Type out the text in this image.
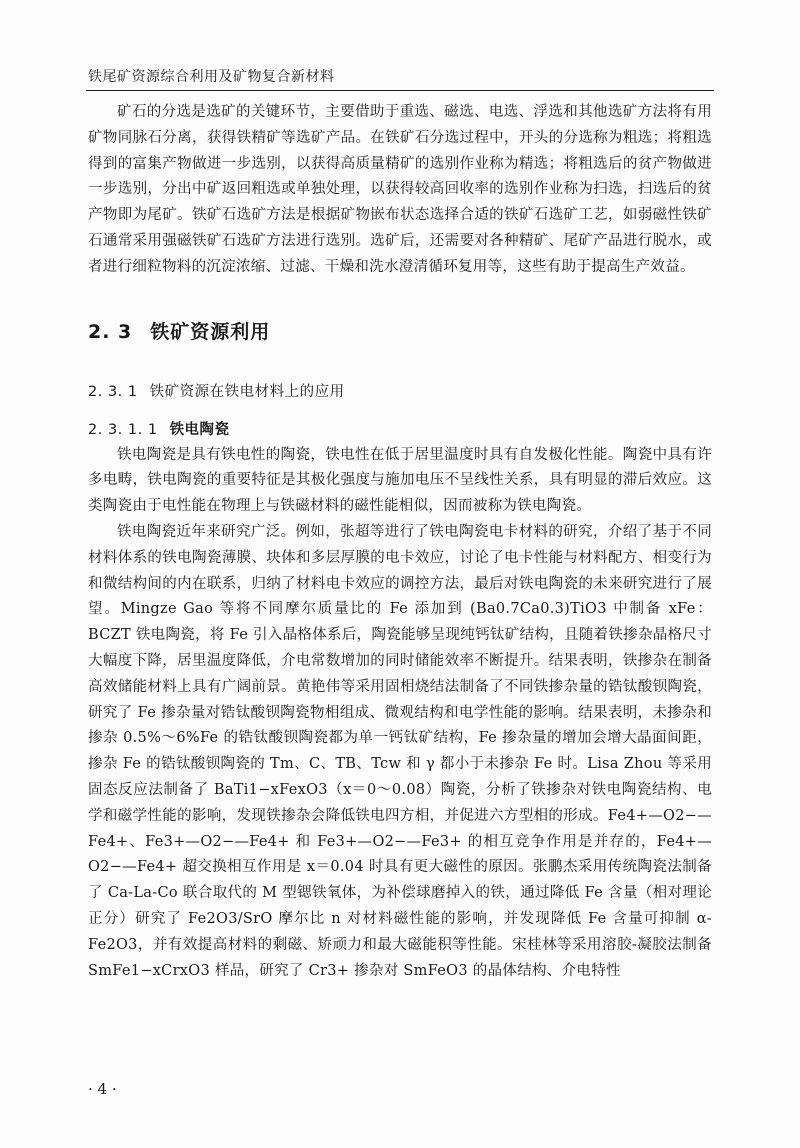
铁尾矿资源综合利用及矿物复合新材料

矿石的分选是选矿的关键环节，主要借助于重选、磁选、电选、浮选和其他选矿方法将有用矿物同脉石分离，获得铁精矿等选矿产品。在铁矿石分选过程中，开头的分选称为粗选；将粗选得到的富集产物做进一步选别，以获得高质量精矿的选别作业称为精选；将粗选后的贫产物做进一步选别，分出中矿返回粗选或单独处理，以获得较高回收率的选别作业称为扫选，扫选后的贫产物即为尾矿。铁矿石选矿方法是根据矿物嵌布状态选择合适的铁矿石选矿工艺，如弱磁性铁矿石通常采用强磁铁矿石选矿方法进行选别。选矿后，还需要对各种精矿、尾矿产品进行脱水，或者进行细粒物料的沉淀浓缩、过滤、干燥和洗水澄清循环复用等，这些有助于提高生产效益。

2. 3 铁矿资源利用
2. 3. 1 铁矿资源在铁电材料上的应用
2. 3. 1. 1 铁电陶瓷

铁电陶瓷是具有铁电性的陶瓷，铁电性在低于居里温度时具有自发极化性能。陶瓷中具有许多电畴，铁电陶瓷的重要特征是其极化强度与施加电压不呈线性关系，具有明显的滞后效应。这类陶瓷由于电性能在物理上与铁磁材料的磁性能相似，因而被称为铁电陶瓷。

铁电陶瓷近年来研究广泛。例如，张超等进行了铁电陶瓷电卡材料的研究，介绍了基于不同材料体系的铁电陶瓷薄膜、块体和多层厚膜的电卡效应，讨论了电卡性能与材料配方、相变行为和微结构间的内在联系，归纳了材料电卡效应的调控方法，最后对铁电陶瓷的未来研究进行了展望。Mingze Gao 等将不同摩尔质量比的 Fe 添加到 (Ba0.7Ca0.3)TiO3 中制备 xFe：BCZT 铁电陶瓷，将 Fe 引入晶格体系后，陶瓷能够呈现纯钙钛矿结构，且随着铁掺杂晶格尺寸大幅度下降，居里温度降低，介电常数增加的同时储能效率不断提升。结果表明，铁掺杂在制备高效储能材料上具有广阔前景。黄艳伟等采用固相烧结法制备了不同铁掺杂量的锆钛酸钡陶瓷，研究了 Fe 掺杂量对锆钛酸钡陶瓷物相组成、微观结构和电学性能的影响。结果表明，未掺杂和掺杂 0.5%～6%Fe 的锆钛酸钡陶瓷都为单一钙钛矿结构，Fe 掺杂量的增加会增大晶面间距，掺杂 Fe 的锆钛酸钡陶瓷的 Tm、C、TB、Tcw 和 γ 都小于未掺杂 Fe 时。Lisa Zhou 等采用固态反应法制备了 BaTi1−xFexO3（x＝0～0.08）陶瓷，分析了铁掺杂对铁电陶瓷结构、电学和磁学性能的影响，发现铁掺杂会降低铁电四方相，并促进六方型相的形成。Fe4+—O2−—Fe4+、Fe3+—O2−—Fe4+ 和 Fe3+—O2−—Fe3+ 的相互竞争作用是并存的，Fe4+—O2−—Fe4+ 超交换相互作用是 x＝0.04 时具有更大磁性的原因。张鹏杰采用传统陶瓷法制备了 Ca-La-Co 联合取代的 M 型锶铁氧体，为补偿球磨掉入的铁，通过降低 Fe 含量（相对理论正分）研究了 Fe2O3/SrO 摩尔比 n 对材料磁性能的影响，并发现降低 Fe 含量可抑制 α-Fe2O3，并有效提高材料的剩磁、矫顽力和最大磁能积等性能。宋桂林等采用溶胶-凝胶法制备 SmFe1−xCrxO3 样品，研究了 Cr3+ 掺杂对 SmFeO3 的晶体结构、介电特性

· 4 ·
